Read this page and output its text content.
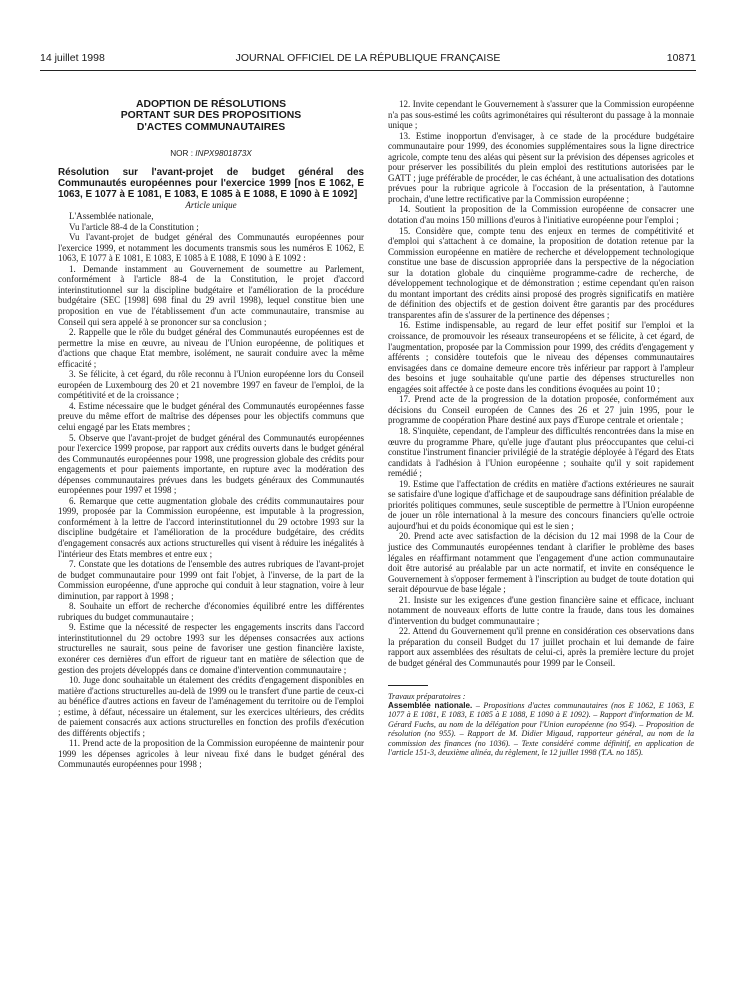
14 juillet 1998	JOURNAL OFFICIEL DE LA RÉPUBLIQUE FRANÇAISE	10871
ADOPTION DE RÉSOLUTIONS
PORTANT SUR DES PROPOSITIONS
D'ACTES COMMUNAUTAIRES
NOR : INPX9801873X

Résolution sur l'avant-projet de budget général des Communautés européennes pour l'exercice 1999 [nos E 1062, E 1063, E 1077 à E 1081, E 1083, E 1085 à E 1088, E 1090 à E 1092]

Article unique

L'Assemblée nationale,

Vu l'article 88-4 de la Constitution ;

Vu l'avant-projet de budget général des Communautés européennes pour l'exercice 1999, et notamment les documents transmis sous les numéros E 1062, E 1063, E 1077 à E 1081, E 1083, E 1085 à E 1088, E 1090 à E 1092 :

1. Demande instamment au Gouvernement de soumettre au Parlement, conformément à l'article 88-4 de la Constitution, le projet d'accord interinstitutionnel sur la discipline budgétaire et l'amélioration de la procédure budgétaire (SEC [1998] 698 final du 29 avril 1998), lequel constitue bien une proposition en vue de l'établissement d'un acte communautaire, transmise au Conseil qui sera appelé à se prononcer sur sa conclusion ;

2. Rappelle que le rôle du budget général des Communautés européennes est de permettre la mise en œuvre, au niveau de l'Union européenne, de politiques et d'actions que chaque Etat membre, isolément, ne saurait conduire avec la même efficacité ;

3. Se félicite, à cet égard, du rôle reconnu à l'Union européenne lors du Conseil européen de Luxembourg des 20 et 21 novembre 1997 en faveur de l'emploi, de la compétitivité et de la croissance ;

4. Estime nécessaire que le budget général des Communautés européennes fasse preuve du même effort de maîtrise des dépenses pour les objectifs communs que celui engagé par les Etats membres ;

5. Observe que l'avant-projet de budget général des Communautés européennes pour l'exercice 1999 propose, par rapport aux crédits ouverts dans le budget général des Communautés européennes pour 1998, une progression globale des crédits pour engagements et pour paiements importante, en rupture avec la modération des dépenses communautaires prévues dans les budgets généraux des Communautés européennes pour 1997 et 1998 ;

6. Remarque que cette augmentation globale des crédits communautaires pour 1999, proposée par la Commission européenne, est imputable à la progression, conformément à la lettre de l'accord interinstitutionnel du 29 octobre 1993 sur la discipline budgétaire et l'amélioration de la procédure budgétaire, des crédits d'engagement consacrés aux actions structurelles qui visent à réduire les inégalités à l'intérieur des Etats membres et entre eux ;

7. Constate que les dotations de l'ensemble des autres rubriques de l'avant-projet de budget communautaire pour 1999 ont fait l'objet, à l'inverse, de la part de la Commission européenne, d'une approche qui conduit à leur stagnation, voire à leur diminution, par rapport à 1998 ;

8. Souhaite un effort de recherche d'économies équilibré entre les différentes rubriques du budget communautaire ;

9. Estime que la nécessité de respecter les engagements inscrits dans l'accord interinstitutionnel du 29 octobre 1993 sur les dépenses consacrées aux actions structurelles ne saurait, sous peine de favoriser une gestion financière laxiste, exonérer ces dernières d'un effort de rigueur tant en matière de sélection que de gestion des projets développés dans ce domaine d'intervention communautaire ;

10. Juge donc souhaitable un étalement des crédits d'engagement disponibles en matière d'actions structurelles au-delà de 1999 ou le transfert d'une partie de ceux-ci au bénéfice d'autres actions en faveur de l'aménagement du territoire ou de l'emploi ; estime, à défaut, nécessaire un étalement, sur les exercices ultérieurs, des crédits de paiement consacrés aux actions structurelles en fonction des profils d'exécution des différents objectifs ;

11. Prend acte de la proposition de la Commission européenne de maintenir pour 1999 les dépenses agricoles à leur niveau fixé dans le budget général des Communautés européennes pour 1998 ;

12. Invite cependant le Gouvernement à s'assurer que la Commission européenne n'a pas sous-estimé les coûts agrimonétaires qui résulteront du passage à la monnaie unique ;

13. Estime inopportun d'envisager, à ce stade de la procédure budgétaire communautaire pour 1999, des économies supplémentaires sous la ligne directrice agricole, compte tenu des aléas qui pèsent sur la prévision des dépenses agricoles et pour préserver les possibilités du plein emploi des restitutions autorisées par le GATT ; juge préférable de procéder, le cas échéant, à une actualisation des dotations prévues pour la rubrique agricole à l'occasion de la présentation, à l'automne prochain, d'une lettre rectificative par la Commission européenne ;

14. Soutient la proposition de la Commission européenne de consacrer une dotation d'au moins 150 millions d'euros à l'initiative européenne pour l'emploi ;

15. Considère que, compte tenu des enjeux en termes de compétitivité et d'emploi qui s'attachent à ce domaine, la proposition de dotation retenue par la Commission européenne en matière de recherche et développement technologique constitue une base de discussion appropriée dans la perspective de la négociation sur la dotation globale du cinquième programme-cadre de recherche, de développement technologique et de démonstration ; estime cependant qu'en raison du montant important des crédits ainsi proposé des progrès significatifs en matière de définition des objectifs et de gestion doivent être garantis par des procédures transparentes afin de s'assurer de la pertinence des dépenses ;

16. Estime indispensable, au regard de leur effet positif sur l'emploi et la croissance, de promouvoir les réseaux transeuropéens et se félicite, à cet égard, de l'augmentation, proposée par la Commission pour 1999, des crédits d'engagement y afférents ; considère toutefois que le niveau des dépenses communautaires envisagées dans ce domaine demeure encore très inférieur par rapport à l'ampleur des besoins et juge souhaitable qu'une partie des dépenses structurelles non engagées soit affectée à ce poste dans les conditions évoquées au point 10 ;

17. Prend acte de la progression de la dotation proposée, conformément aux décisions du Conseil européen de Cannes des 26 et 27 juin 1995, pour le programme de coopération Phare destiné aux pays d'Europe centrale et orientale ;

18. S'inquiète, cependant, de l'ampleur des difficultés rencontrées dans la mise en œuvre du programme Phare, qu'elle juge d'autant plus préoccupantes que celui-ci constitue l'instrument financier privilégié de la stratégie déployée à l'égard des Etats candidats à l'adhésion à l'Union européenne ; souhaite qu'il y soit rapidement remédié ;

19. Estime que l'affectation de crédits en matière d'actions extérieures ne saurait se satisfaire d'une logique d'affichage et de saupoudrage sans définition préalable de priorités politiques communes, seule susceptible de permettre à l'Union européenne de jouer un rôle international à la mesure des concours financiers qu'elle octroie aujourd'hui et du poids économique qui est le sien ;

20. Prend acte avec satisfaction de la décision du 12 mai 1998 de la Cour de justice des Communautés européennes tendant à clarifier le problème des bases légales en réaffirmant notamment que l'engagement d'une action communautaire doit être autorisé au préalable par un acte normatif, et invite en conséquence le Gouvernement à s'opposer fermement à l'inscription au budget de toute dotation qui serait dépourvue de base légale ;

21. Insiste sur les exigences d'une gestion financière saine et efficace, incluant notamment de nouveaux efforts de lutte contre la fraude, dans tous les domaines d'intervention du budget communautaire ;

22. Attend du Gouvernement qu'il prenne en considération ces observations dans la préparation du conseil Budget du 17 juillet prochain et lui demande de faire rapport aux assemblées des résultats de celui-ci, après la première lecture du projet de budget général des Communautés pour 1999 par le Conseil.

Travaux préparatoires :

Assemblée nationale. – Propositions d'actes communautaires (nos E 1062, E 1063, E 1077 à E 1081, E 1083, E 1085 à E 1088, E 1090 à E 1092). – Rapport d'information de M. Gérard Fuchs, au nom de la délégation pour l'Union européenne (no 954). – Proposition de résolution (no 955). – Rapport de M. Didier Migaud, rapporteur général, au nom de la commission des finances (no 1036). – Texte considéré comme définitif, en application de l'article 151-3, deuxième alinéa, du règlement, le 12 juillet 1998 (T.A. no 185).
